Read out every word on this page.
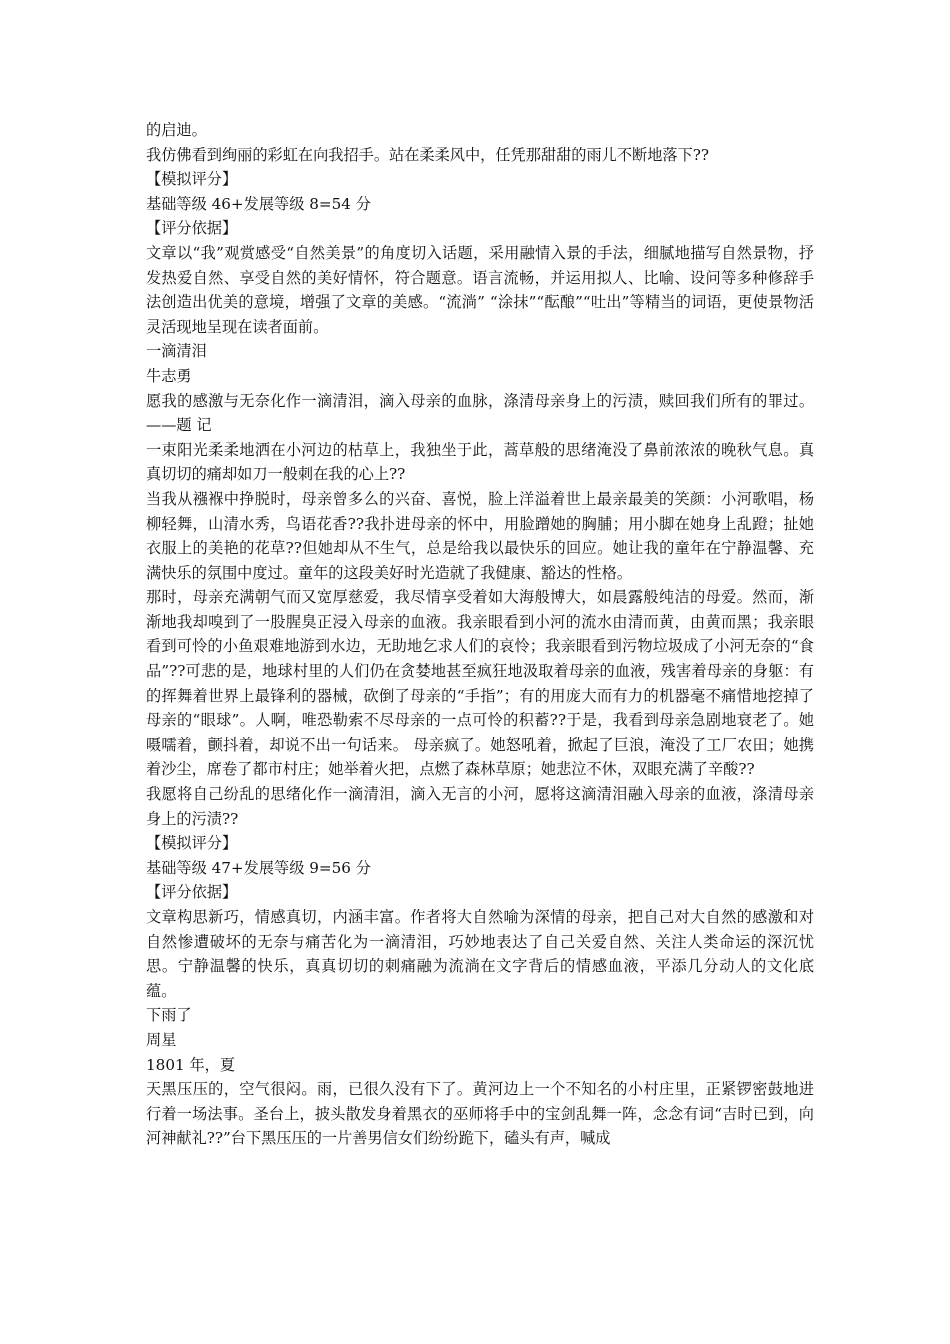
的启迪。

我仿佛看到绚丽的彩虹在向我招手。站在柔柔风中，任凭那甜甜的雨儿不断地落下??

【模拟评分】

基础等级 46+发展等级 8=54 分

【评分依据】

文章以“我”观赏感受“自然美景”的角度切入话题，采用融情入景的手法，细腻地描写自然景物，抒发热爱自然、享受自然的美好情怀，符合题意。语言流畅，并运用拟人、比喻、设问等多种修辞手法创造出优美的意境，增强了文章的美感。“流淌” “涂抹”“酝酿”“吐出”等精当的词语，更使景物活灵活现地呈现在读者面前。

一滴清泪

牛志勇

愿我的感激与无奈化作一滴清泪，滴入母亲的血脉，涤清母亲身上的污渍，赎回我们所有的罪过。——题 记

一束阳光柔柔地洒在小河边的枯草上，我独坐于此，蒿草般的思绪淹没了鼻前浓浓的晚秋气息。真真切切的痛却如刀一般刺在我的心上??

当我从襁褓中挣脱时，母亲曾多么的兴奋、喜悦，脸上洋溢着世上最亲最美的笑颜：小河歌唱，杨柳轻舞，山清水秀，鸟语花香??我扑进母亲的怀中，用脸蹭她的胸脯；用小脚在她身上乱蹬；扯她衣服上的美艳的花草??但她却从不生气，总是给我以最快乐的回应。她让我的童年在宁静温馨、充满快乐的氛围中度过。童年的这段美好时光造就了我健康、豁达的性格。

那时，母亲充满朝气而又宽厚慈爱，我尽情享受着如大海般博大，如晨露般纯洁的母爱。然而，渐渐地我却嗅到了一股腥臭正浸入母亲的血液。我亲眼看到小河的流水由清而黄，由黄而黑；我亲眼看到可怜的小鱼艰难地游到水边，无助地乞求人们的哀怜；我亲眼看到污物垃圾成了小河无奈的“食品”??可悲的是，地球村里的人们仍在贪婪地甚至疯狂地汲取着母亲的血液，残害着母亲的身躯：有的挥舞着世界上最锋利的器械，砍倒了母亲的“手指”；有的用庞大而有力的机器毫不痛惜地挖掉了母亲的“眼球”。人啊，唯恐勒索不尽母亲的一点可怜的积蓄??于是，我看到母亲急剧地衰老了。她嗫嚅着，颤抖着，却说不出一句话来。 母亲疯了。她怒吼着，掀起了巨浪，淹没了工厂农田；她携着沙尘，席卷了都市村庄；她举着火把，点燃了森林草原；她悲泣不休，双眼充满了辛酸??

我愿将自己纷乱的思绪化作一滴清泪，滴入无言的小河，愿将这滴清泪融入母亲的血液，涤清母亲身上的污渍??

【模拟评分】

基础等级 47+发展等级 9=56 分

【评分依据】

文章构思新巧，情感真切，内涵丰富。作者将大自然喻为深情的母亲，把自己对大自然的感激和对自然惨遭破坏的无奈与痛苦化为一滴清泪，巧妙地表达了自己关爱自然、关注人类命运的深沉忧思。宁静温馨的快乐，真真切切的刺痛融为流淌在文字背后的情感血液，平添几分动人的文化底蕴。

下雨了

周星

1801 年，夏

天黑压压的，空气很闷。雨，已很久没有下了。黄河边上一个不知名的小村庄里，正紧锣密鼓地进行着一场法事。圣台上，披头散发身着黑衣的巫师将手中的宝剑乱舞一阵，念念有词“吉时已到，向河神献礼??”台下黑压压的一片善男信女们纷纷跪下，磕头有声，喊成
